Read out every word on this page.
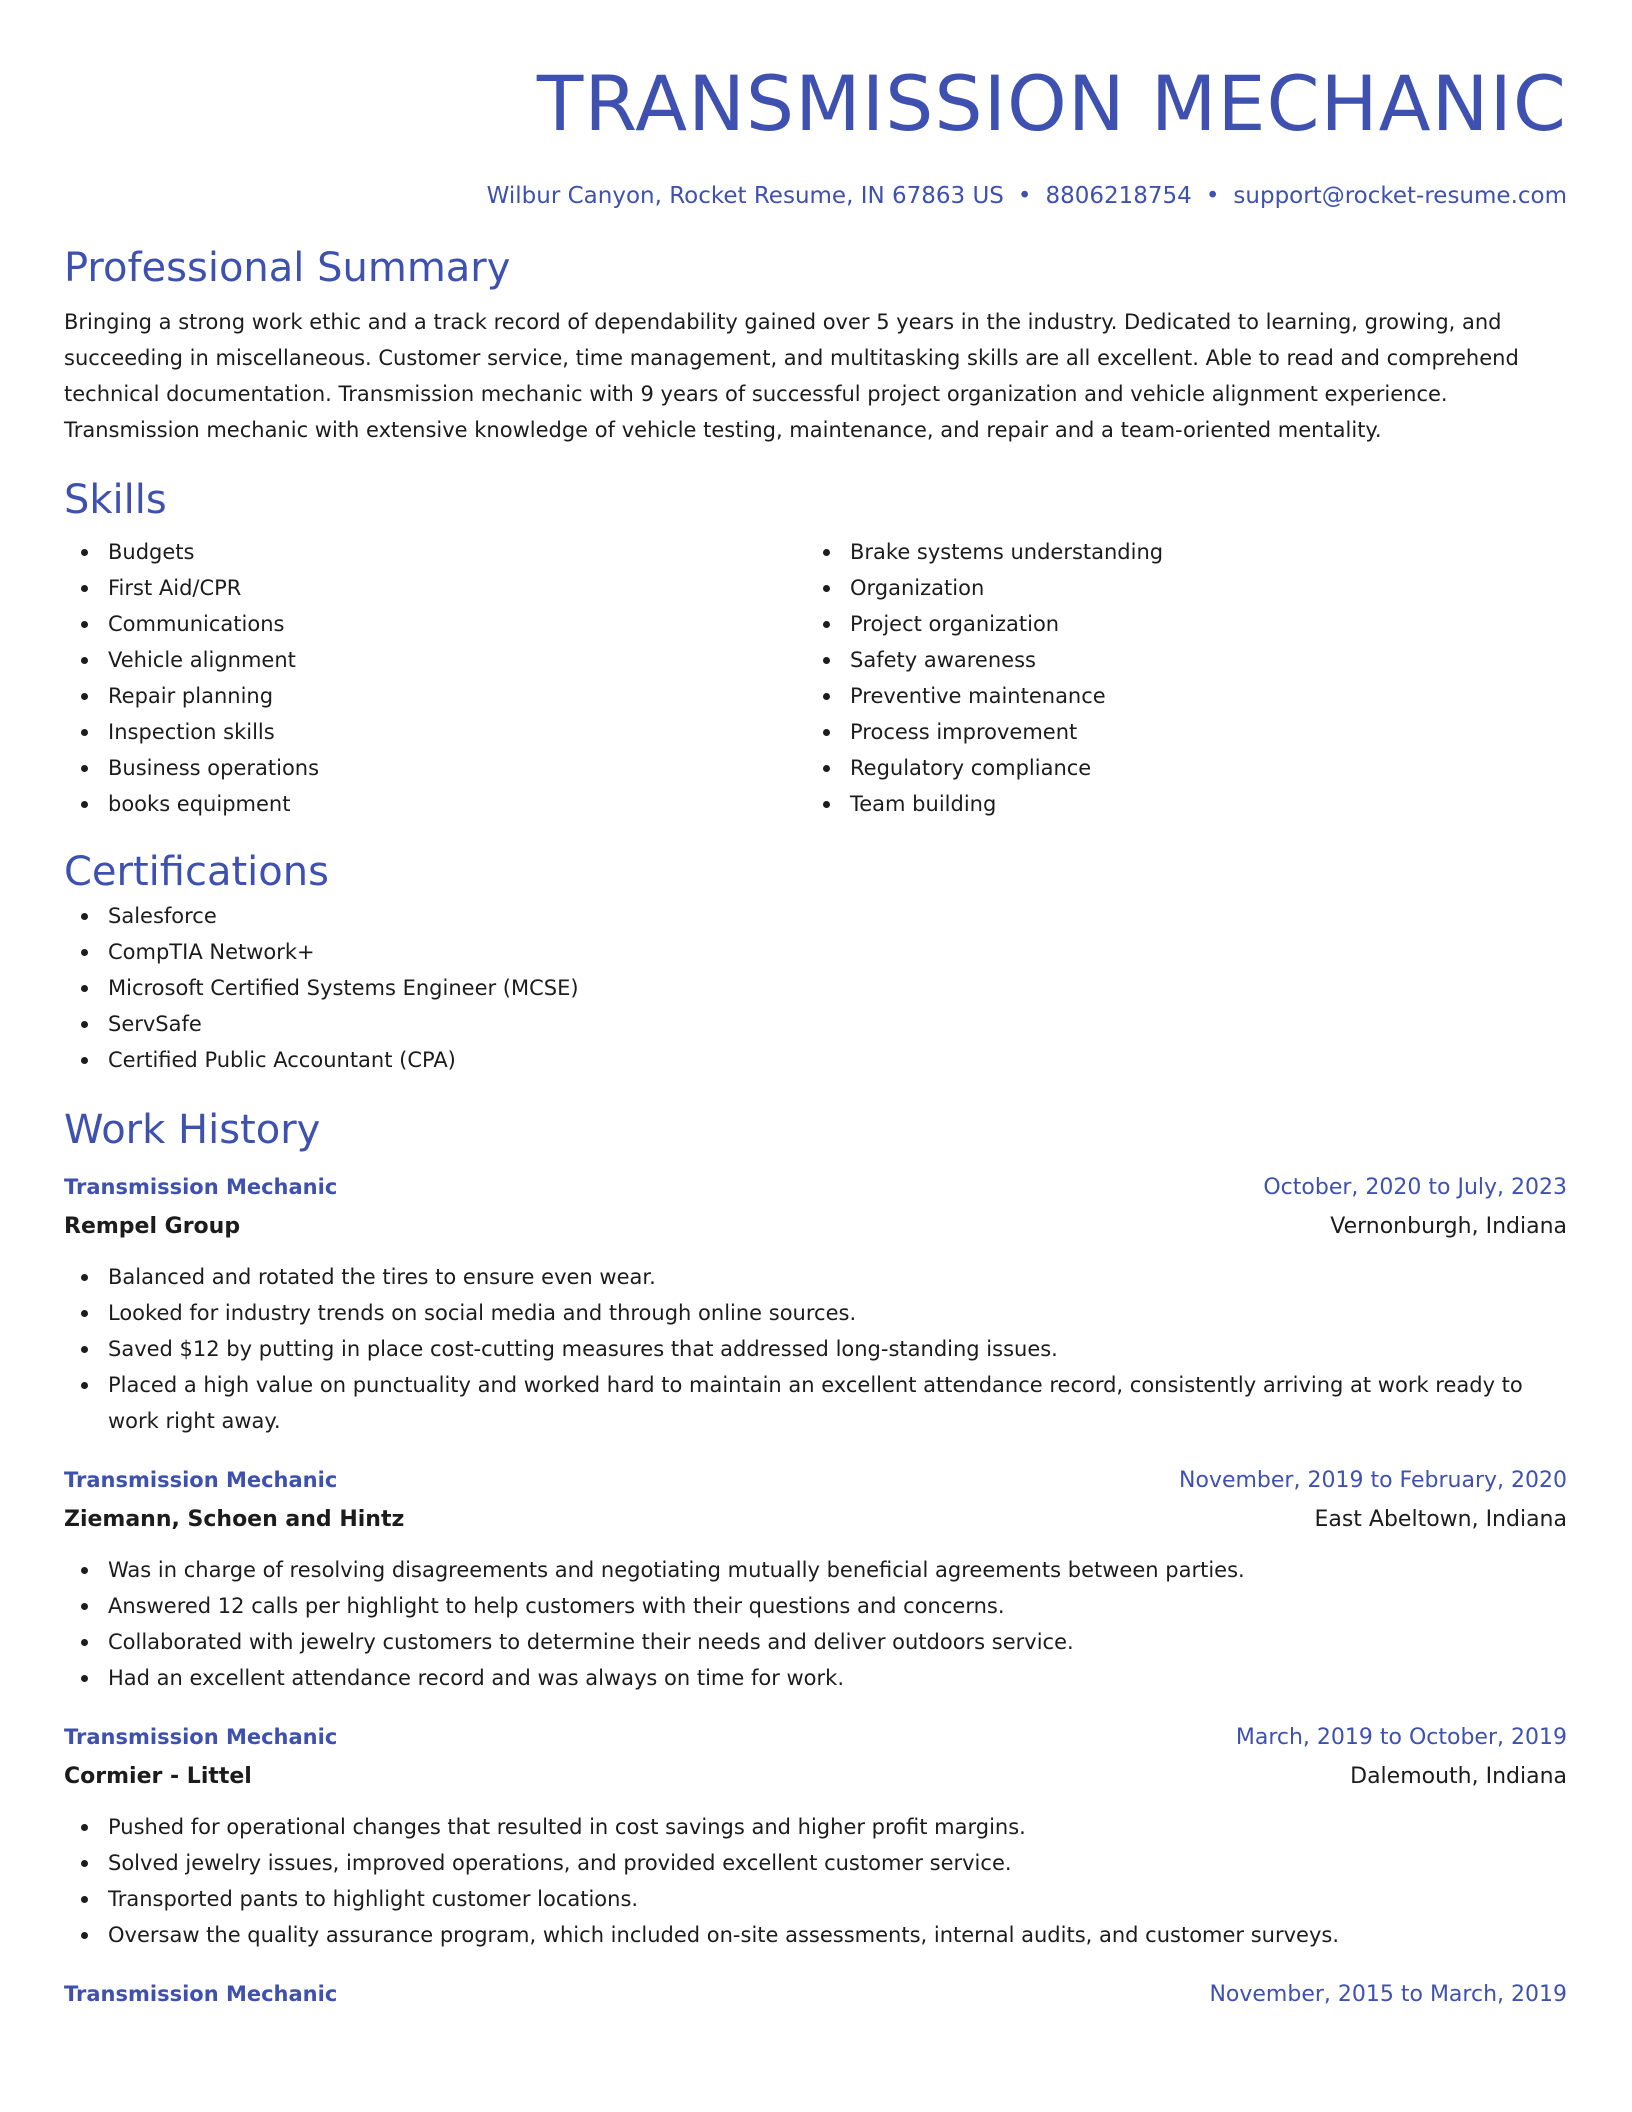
TRANSMISSION MECHANIC
Wilbur Canyon, Rocket Resume, IN 67863 US • 8806218754 • support@rocket-resume.com
Professional Summary
Bringing a strong work ethic and a track record of dependability gained over 5 years in the industry. Dedicated to learning, growing, and succeeding in miscellaneous. Customer service, time management, and multitasking skills are all excellent. Able to read and comprehend technical documentation. Transmission mechanic with 9 years of successful project organization and vehicle alignment experience. Transmission mechanic with extensive knowledge of vehicle testing, maintenance, and repair and a team-oriented mentality.
Skills
Budgets
First Aid/CPR
Communications
Vehicle alignment
Repair planning
Inspection skills
Business operations
books equipment
Brake systems understanding
Organization
Project organization
Safety awareness
Preventive maintenance
Process improvement
Regulatory compliance
Team building
Certifications
Salesforce
CompTIA Network+
Microsoft Certified Systems Engineer (MCSE)
ServSafe
Certified Public Accountant (CPA)
Work History
Transmission Mechanic	October, 2020 to July, 2023
Rempel Group	Vernonburgh, Indiana
Balanced and rotated the tires to ensure even wear.
Looked for industry trends on social media and through online sources.
Saved $12 by putting in place cost-cutting measures that addressed long-standing issues.
Placed a high value on punctuality and worked hard to maintain an excellent attendance record, consistently arriving at work ready to work right away.
Transmission Mechanic	November, 2019 to February, 2020
Ziemann, Schoen and Hintz	East Abeltown, Indiana
Was in charge of resolving disagreements and negotiating mutually beneficial agreements between parties.
Answered 12 calls per highlight to help customers with their questions and concerns.
Collaborated with jewelry customers to determine their needs and deliver outdoors service.
Had an excellent attendance record and was always on time for work.
Transmission Mechanic	March, 2019 to October, 2019
Cormier - Littel	Dalemouth, Indiana
Pushed for operational changes that resulted in cost savings and higher profit margins.
Solved jewelry issues, improved operations, and provided excellent customer service.
Transported pants to highlight customer locations.
Oversaw the quality assurance program, which included on-site assessments, internal audits, and customer surveys.
Transmission Mechanic	November, 2015 to March, 2019
